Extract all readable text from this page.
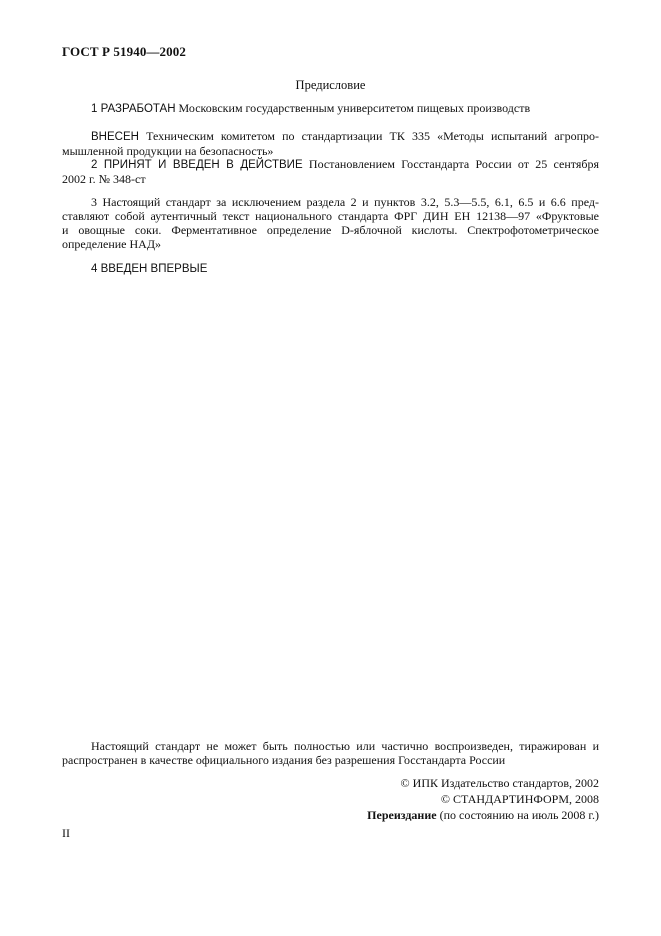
ГОСТ Р 51940—2002
Предисловие
1 РАЗРАБОТАН Московским государственным университетом пищевых производств
ВНЕСЕН Техническим комитетом по стандартизации ТК 335 «Методы испытаний агропро-
мышленной продукции на безопасность»
2 ПРИНЯТ И ВВЕДЕН В ДЕЙСТВИЕ Постановлением Госстандарта России от 25 сентября
2002 г. № 348-ст
3 Настоящий стандарт за исключением раздела 2 и пунктов 3.2, 5.3—5.5, 6.1, 6.5 и 6.6 пред-
ставляют собой аутентичный текст национального стандарта ФРГ ДИН ЕН 12138—97 «Фруктовые
и овощные соки. Ферментативное определение D-яблочной кислоты. Спектрофотометрическое
определение НАД»
4 ВВЕДЕН ВПЕРВЫЕ
Настоящий стандарт не может быть полностью или частично воспроизведен, тиражирован и
распространен в качестве официального издания без разрешения Госстандарта России
© ИПК Издательство стандартов, 2002
© СТАНДАРТИНФОРМ, 2008
Переиздание (по состоянию на июль 2008 г.)
II
